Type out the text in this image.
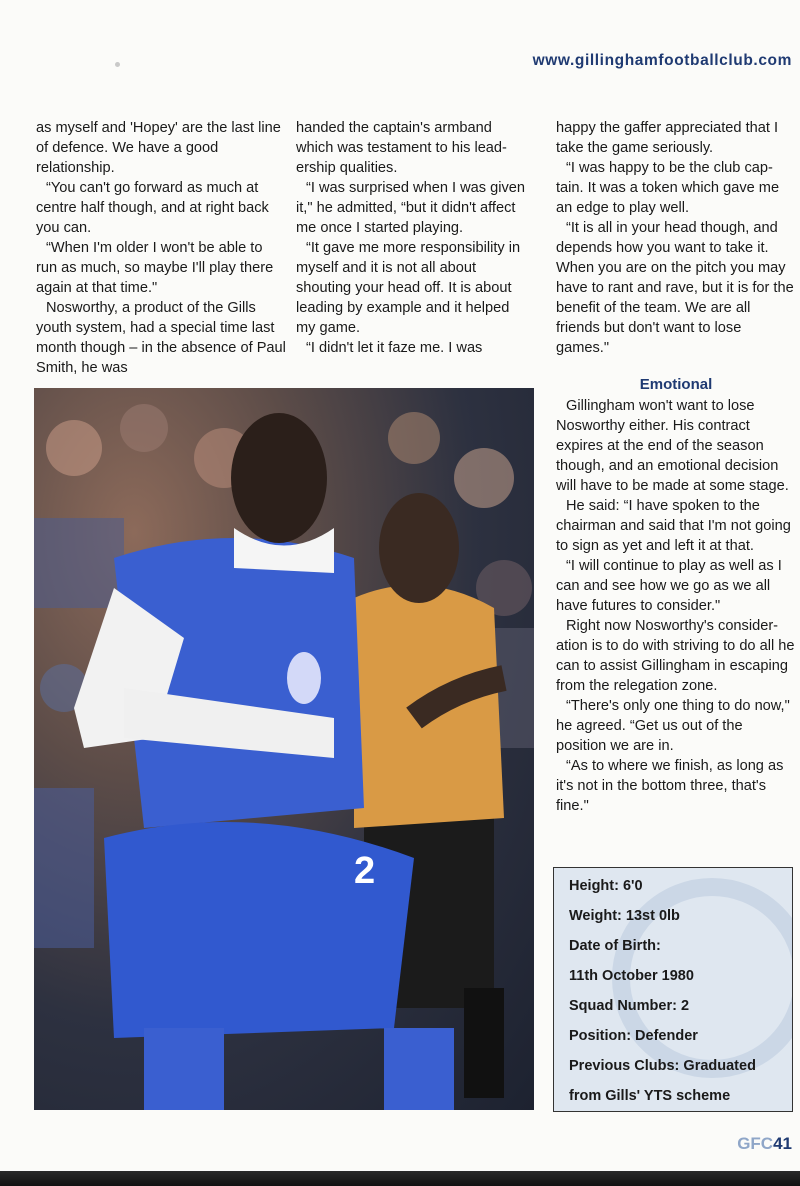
www.gillinghamfootballclub.com

as myself and 'Hopey' are the last line of defence. We have a good relationship.

“You can't go forward as much at centre half though, and at right back you can.

“When I'm older I won't be able to run as much, so maybe I'll play there again at that time."

Nosworthy, a product of the Gills youth system, had a special time last month though – in the absence of Paul Smith, he was

handed the captain's armband which was testament to his lead-ership qualities.

“I was surprised when I was given it," he admitted, “but it didn't affect me once I started playing.

“It gave me more responsibility in myself and it is not all about shouting your head off. It is about leading by example and it helped my game.

“I didn't let it faze me. I was

happy the gaffer appreciated that I take the game seriously.

“I was happy to be the club cap-tain. It was a token which gave me an edge to play well.

“It is all in your head though, and depends how you want to take it. When you are on the pitch you may have to rant and rave, but it is for the benefit of the team. We are all friends but don't want to lose games."

Emotional

Gillingham won't want to lose Nosworthy either. His contract expires at the end of the season though, and an emotional decision will have to be made at some stage.

He said: “I have spoken to the chairman and said that I'm not going to sign as yet and left it at that.

“I will continue to play as well as I can and see how we go as we all have futures to consider."

Right now Nosworthy's consider-ation is to do with striving to do all he can to assist Gillingham in escaping from the relegation zone.

“There's only one thing to do now," he agreed. “Get us out of the position we are in.

“As to where we finish, as long as it's not in the bottom three, that's fine."

2	Height: 6'0
Weight: 13st 0lb
Date of Birth:
11th October 1980
Squad Number: 2
Position: Defender
Previous Clubs: Graduated
from Gills' YTS scheme
GFC41
